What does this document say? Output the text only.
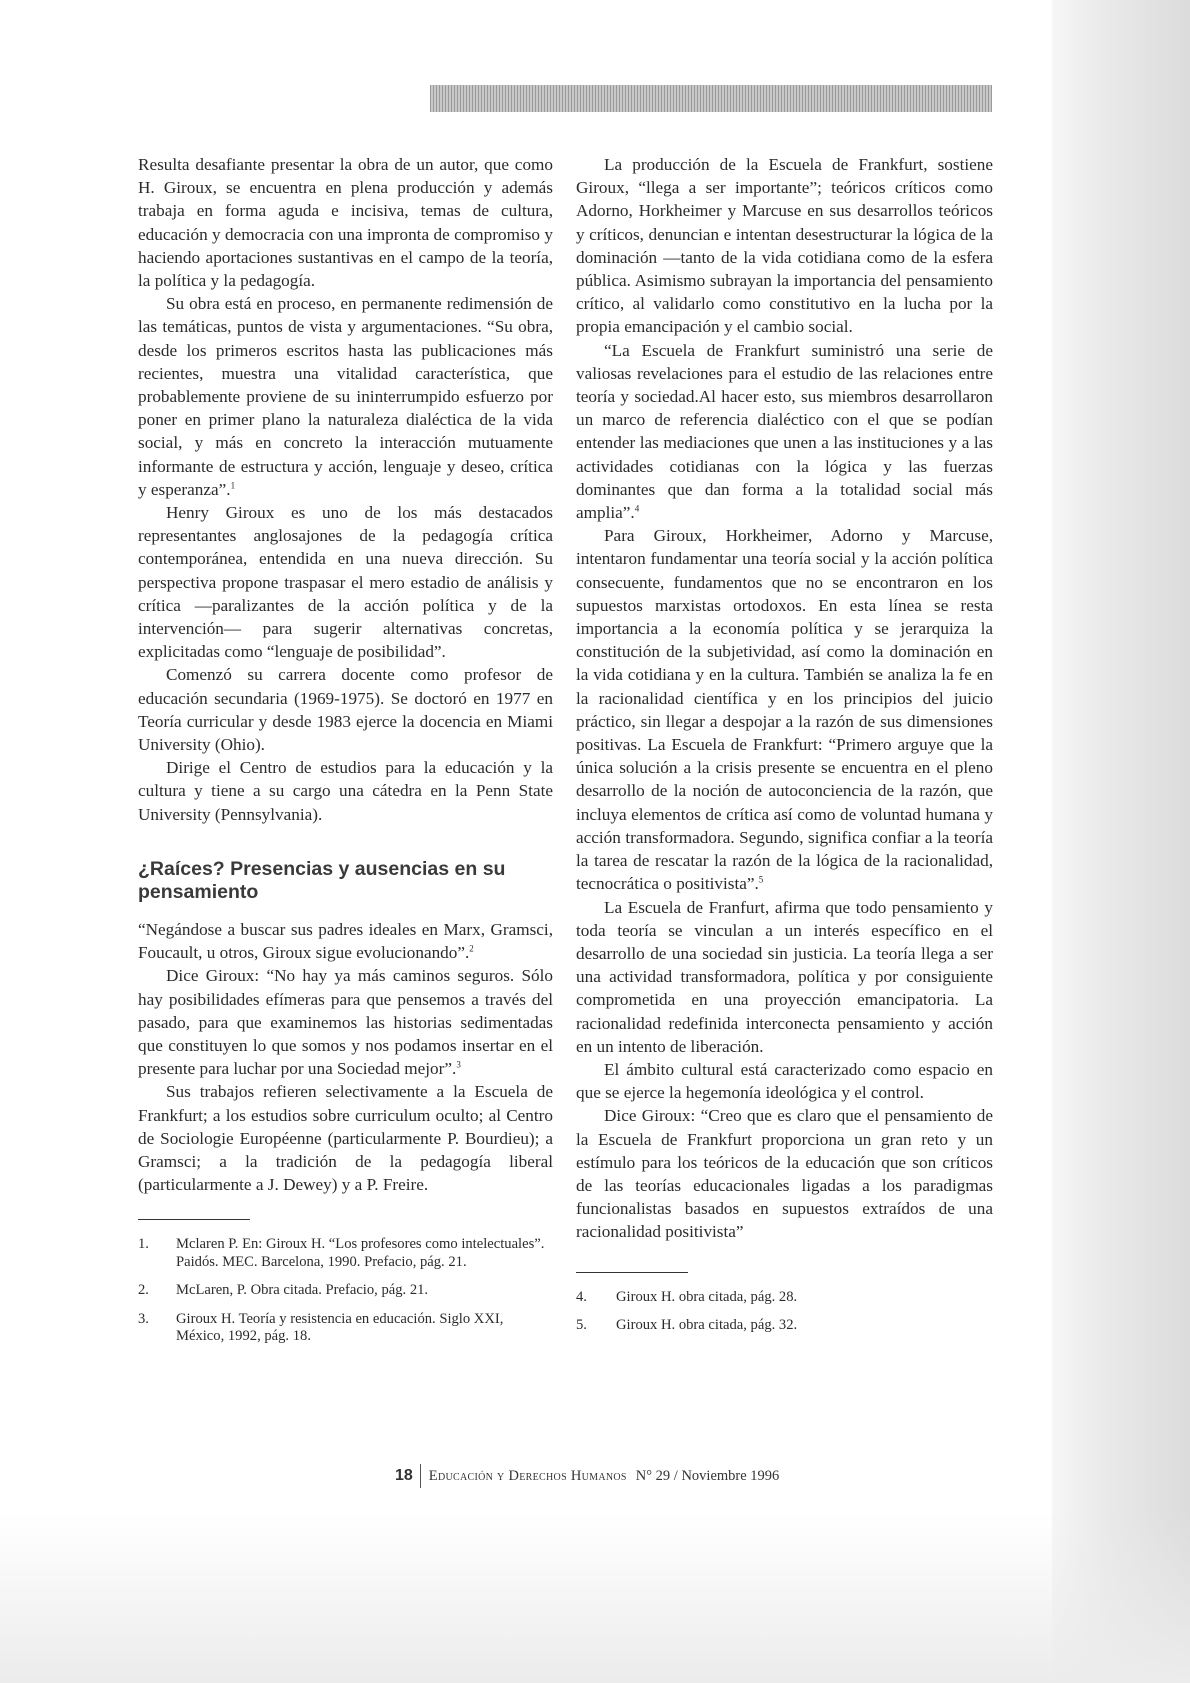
Resulta desafiante presentar la obra de un autor, que como H. Giroux, se encuentra en plena producción y además trabaja en forma aguda e incisiva, temas de cultura, educación y democracia con una impronta de compromiso y haciendo aportaciones sustantivas en el campo de la teoría, la política y la pedagogía.

Su obra está en proceso, en permanente redimensión de las temáticas, puntos de vista y argumentaciones. “Su obra, desde los primeros escritos hasta las publicaciones más recientes, muestra una vitalidad característica, que probablemente proviene de su ininterrumpido esfuerzo por poner en primer plano la naturaleza dialéctica de la vida social, y más en concreto la interacción mutuamente informante de estructura y acción, lenguaje y deseo, crítica y esperanza”.$^1$

Henry Giroux es uno de los más destacados representantes anglosajones de la pedagogía crítica contemporánea, entendida en una nueva dirección. Su perspectiva propone traspasar el mero estadio de análisis y crítica —paralizantes de la acción política y de la intervención— para sugerir alternativas concretas, explicitadas como “lenguaje de posibilidad”.

Comenzó su carrera docente como profesor de educación secundaria (1969-1975). Se doctoró en 1977 en Teoría curricular y desde 1983 ejerce la docencia en Miami University (Ohio).

Dirige el Centro de estudios para la educación y la cultura y tiene a su cargo una cátedra en la Penn State University (Pennsylvania).

¿Raíces? Presencias y ausencias en su pensamiento

“Negándose a buscar sus padres ideales en Marx, Gramsci, Foucault, u otros, Giroux sigue evolucionando”.$^2$

Dice Giroux: “No hay ya más caminos seguros. Sólo hay posibilidades efímeras para que pensemos a través del pasado, para que examinemos las historias sedimentadas que constituyen lo que somos y nos podamos insertar en el presente para luchar por una Sociedad mejor”.$^3$

Sus trabajos refieren selectivamente a la Escuela de Frankfurt; a los estudios sobre curriculum oculto; al Centro de Sociologie Européenne (particularmente P. Bourdieu); a Gramsci; a la tradición de la pedagogía liberal (particularmente a J. Dewey) y a P. Freire.

1.	Mclaren P. En: Giroux H. “Los profesores como intelectuales”. Paidós. MEC. Barcelona, 1990. Prefacio, pág. 21.
2.	McLaren, P. Obra citada. Prefacio, pág. 21.
3.	Giroux H. Teoría y resistencia en educación. Siglo XXI, México, 1992, pág. 18.

La producción de la Escuela de Frankfurt, sostiene Giroux, “llega a ser importante”; teóricos críticos como Adorno, Horkheimer y Marcuse en sus desarrollos teóricos y críticos, denuncian e intentan desestructurar la lógica de la dominación —tanto de la vida cotidiana como de la esfera pública. Asimismo subrayan la importancia del pensamiento crítico, al validarlo como constitutivo en la lucha por la propia emancipación y el cambio social.

“La Escuela de Frankfurt suministró una serie de valiosas revelaciones para el estudio de las relaciones entre teoría y sociedad.Al hacer esto, sus miembros desarrollaron un marco de referencia dialéctico con el que se podían entender las mediaciones que unen a las instituciones y a las actividades cotidianas con la lógica y las fuerzas dominantes que dan forma a la totalidad social más amplia”.$^4$

Para Giroux, Horkheimer, Adorno y Marcuse, intentaron fundamentar una teoría social y la acción política consecuente, fundamentos que no se encontraron en los supuestos marxistas ortodoxos. En esta línea se resta importancia a la economía política y se jerarquiza la constitución de la subjetividad, así como la dominación en la vida cotidiana y en la cultura. También se analiza la fe en la racionalidad científica y en los principios del juicio práctico, sin llegar a despojar a la razón de sus dimensiones positivas. La Escuela de Frankfurt: “Primero arguye que la única solución a la crisis presente se encuentra en el pleno desarrollo de la noción de autoconciencia de la razón, que incluya elementos de crítica así como de voluntad humana y acción transformadora. Segundo, significa confiar a la teoría la tarea de rescatar la razón de la lógica de la racionalidad, tecnocrática o positivista”.$^5$

La Escuela de Franfurt, afirma que todo pensamiento y toda teoría se vinculan a un interés específico en el desarrollo de una sociedad sin justicia. La teoría llega a ser una actividad transformadora, política y por consiguiente comprometida en una proyección emancipatoria. La racionalidad redefinida interconecta pensamiento y acción en un intento de liberación.

El ámbito cultural está caracterizado como espacio en que se ejerce la hegemonía ideológica y el control.

Dice Giroux: “Creo que es claro que el pensamiento de la Escuela de Frankfurt proporciona un gran reto y un estímulo para los teóricos de la educación que son críticos de las teorías educacionales ligadas a los paradigmas funcionalistas basados en supuestos extraídos de una racionalidad positivista”

4.	Giroux H. obra citada, pág. 28.
5.	Giroux H. obra citada, pág. 32.
18 Educación y Derechos Humanos N° 29 / Noviembre 1996
